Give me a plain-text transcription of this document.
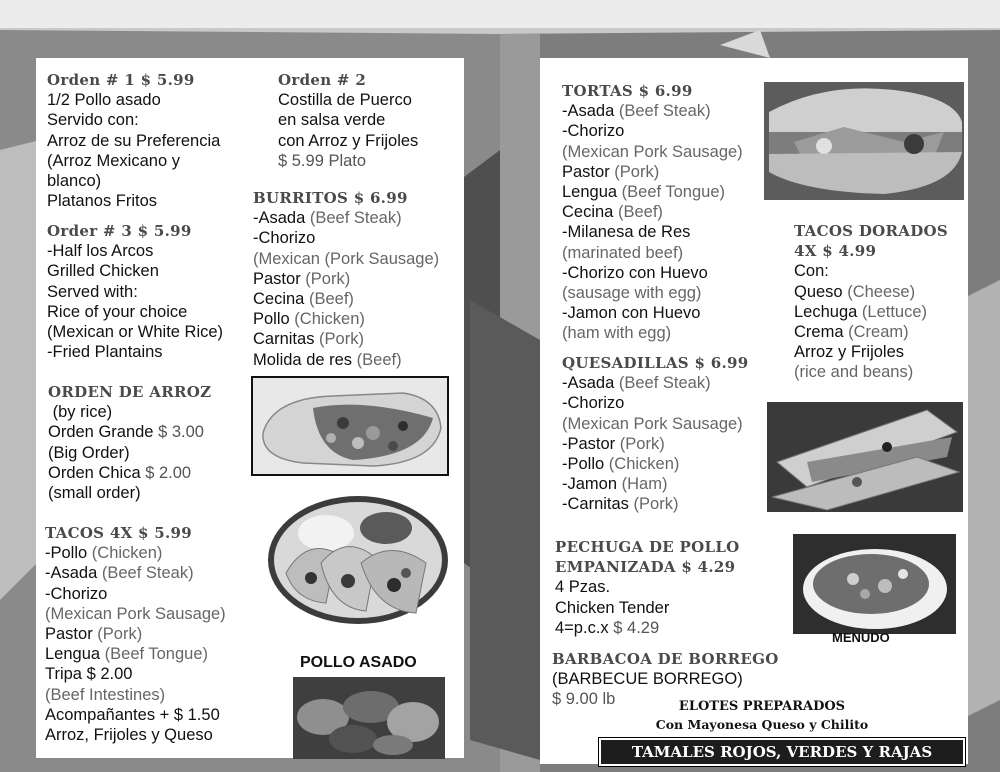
Orden # 1 $ 5.99
1/2 Pollo asado
Servido con:
Arroz de su Preferencia
(Arroz Mexicano y
blanco)
Platanos Fritos
Orden # 2
Costilla de Puerco
en salsa verde
con Arroz y Frijoles
$ 5.99 Plato
Order # 3 $ 5.99
-Half los Arcos
Grilled Chicken
Served with:
Rice of your choice
(Mexican or White Rice)
-Fried Plantains
BURRITOS $ 6.99
-Asada (Beef Steak)
-Chorizo
(Mexican (Pork Sausage)
Pastor (Pork)
Cecina (Beef)
Pollo (Chicken)
Carnitas (Pork)
Molida de res (Beef)
ORDEN DE ARROZ
(by rice)
Orden Grande $ 3.00
(Big Order)
Orden Chica $ 2.00
(small order)
TACOS 4X $ 5.99
-Pollo (Chicken)
-Asada (Beef Steak)
-Chorizo
(Mexican Pork Sausage)
Pastor (Pork)
Lengua (Beef Tongue)
Tripa $ 2.00
(Beef Intestines)
Acompañantes + $ 1.50
Arroz, Frijoles y Queso
POLLO ASADO
TORTAS $ 6.99
-Asada (Beef Steak)
-Chorizo
(Mexican Pork Sausage)
Pastor (Pork)
Lengua (Beef Tongue)
Cecina (Beef)
-Milanesa de Res
(marinated beef)
-Chorizo con Huevo
(sausage with egg)
-Jamon con Huevo
(ham with egg)
TACOS DORADOS
4X $ 4.99
Con:
Queso (Cheese)
Lechuga (Lettuce)
Crema (Cream)
Arroz y Frijoles
(rice and beans)
QUESADILLAS $ 6.99
-Asada (Beef Steak)
-Chorizo
(Mexican Pork Sausage)
-Pastor (Pork)
-Pollo (Chicken)
-Jamon (Ham)
-Carnitas (Pork)
PECHUGA DE POLLO
EMPANIZADA $ 4.29
4 Pzas.
Chicken Tender
4=p.c.x $ 4.29
MENUDO
BARBACOA DE BORREGO
(BARBECUE BORREGO)
$ 9.00 lb	ELOTES PREPARADOS
Con Mayonesa Queso y Chilito
TAMALES ROJOS, VERDES Y RAJAS
